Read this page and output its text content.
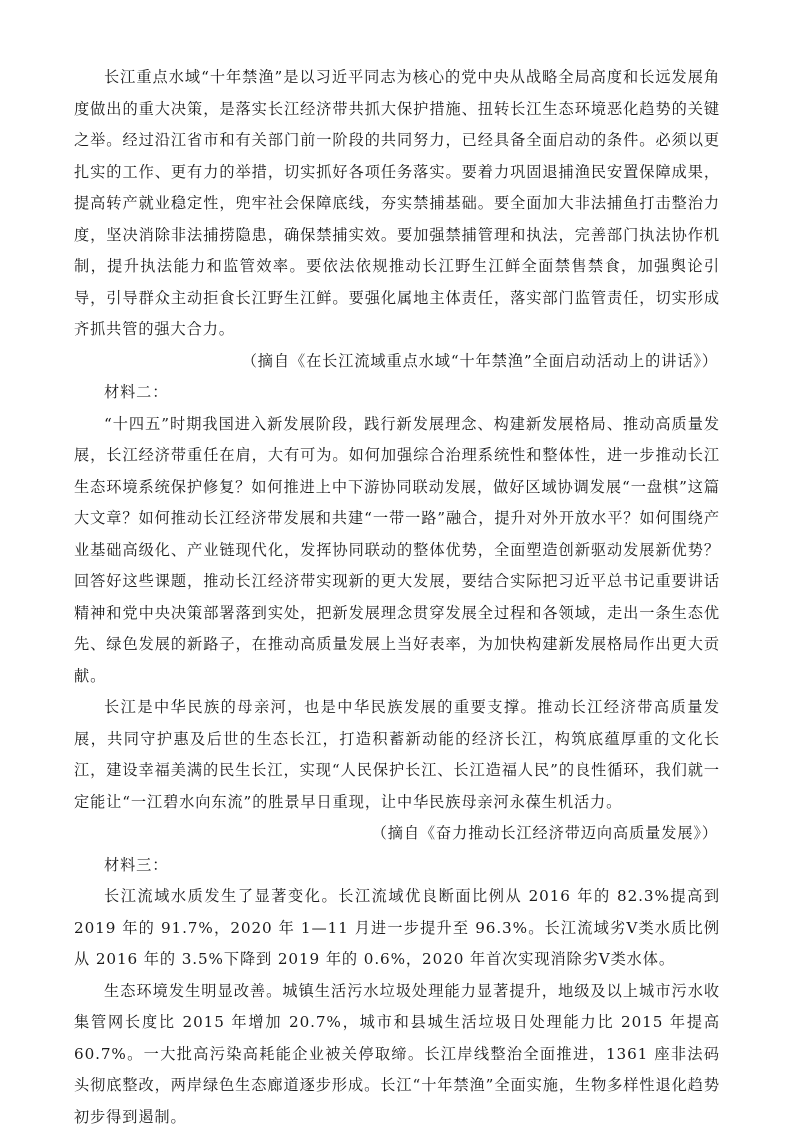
长江重点水域“十年禁渔”是以习近平同志为核心的党中央从战略全局高度和长远发展角度做出的重大决策，是落实长江经济带共抓大保护措施、扭转长江生态环境恶化趋势的关键之举。经过沿江省市和有关部门前一阶段的共同努力，已经具备全面启动的条件。必须以更扎实的工作、更有力的举措，切实抓好各项任务落实。要着力巩固退捕渔民安置保障成果，提高转产就业稳定性，兜牢社会保障底线，夯实禁捕基础。要全面加大非法捕鱼打击整治力度，坚决消除非法捕捞隐患，确保禁捕实效。要加强禁捕管理和执法，完善部门执法协作机制，提升执法能力和监管效率。要依法依规推动长江野生江鲜全面禁售禁食，加强舆论引导，引导群众主动拒食长江野生江鲜。要强化属地主体责任，落实部门监管责任，切实形成齐抓共管的强大合力。

（摘自《在长江流域重点水域“十年禁渔”全面启动活动上的讲话》）

材料二：

“十四五”时期我国进入新发展阶段，践行新发展理念、构建新发展格局、推动高质量发展，长江经济带重任在肩，大有可为。如何加强综合治理系统性和整体性，进一步推动长江生态环境系统保护修复？如何推进上中下游协同联动发展，做好区域协调发展“一盘棋”这篇大文章？如何推动长江经济带发展和共建“一带一路”融合，提升对外开放水平？如何围绕产业基础高级化、产业链现代化，发挥协同联动的整体优势，全面塑造创新驱动发展新优势？回答好这些课题，推动长江经济带实现新的更大发展，要结合实际把习近平总书记重要讲话精神和党中央决策部署落到实处，把新发展理念贯穿发展全过程和各领域，走出一条生态优先、绿色发展的新路子，在推动高质量发展上当好表率，为加快构建新发展格局作出更大贡献。

长江是中华民族的母亲河，也是中华民族发展的重要支撑。推动长江经济带高质量发展，共同守护惠及后世的生态长江，打造积蓄新动能的经济长江，构筑底蕴厚重的文化长江，建设幸福美满的民生长江，实现“人民保护长江、长江造福人民”的良性循环，我们就一定能让“一江碧水向东流”的胜景早日重现，让中华民族母亲河永葆生机活力。

（摘自《奋力推动长江经济带迈向高质量发展》）

材料三：

长江流域水质发生了显著变化。长江流域优良断面比例从 2016 年的 82.3%提高到 2019 年的 91.7%，2020 年 1—11 月进一步提升至 96.3%。长江流域劣Ⅴ类水质比例从 2016 年的 3.5%下降到 2019 年的 0.6%，2020 年首次实现消除劣Ⅴ类水体。

生态环境发生明显改善。城镇生活污水垃圾处理能力显著提升，地级及以上城市污水收集管网长度比 2015 年增加 20.7%，城市和县城生活垃圾日处理能力比 2015 年提高 60.7%。一大批高污染高耗能企业被关停取缔。长江岸线整治全面推进，1361 座非法码头彻底整改，两岸绿色生态廊道逐步形成。长江“十年禁渔”全面实施，生物多样性退化趋势初步得到遏制。
